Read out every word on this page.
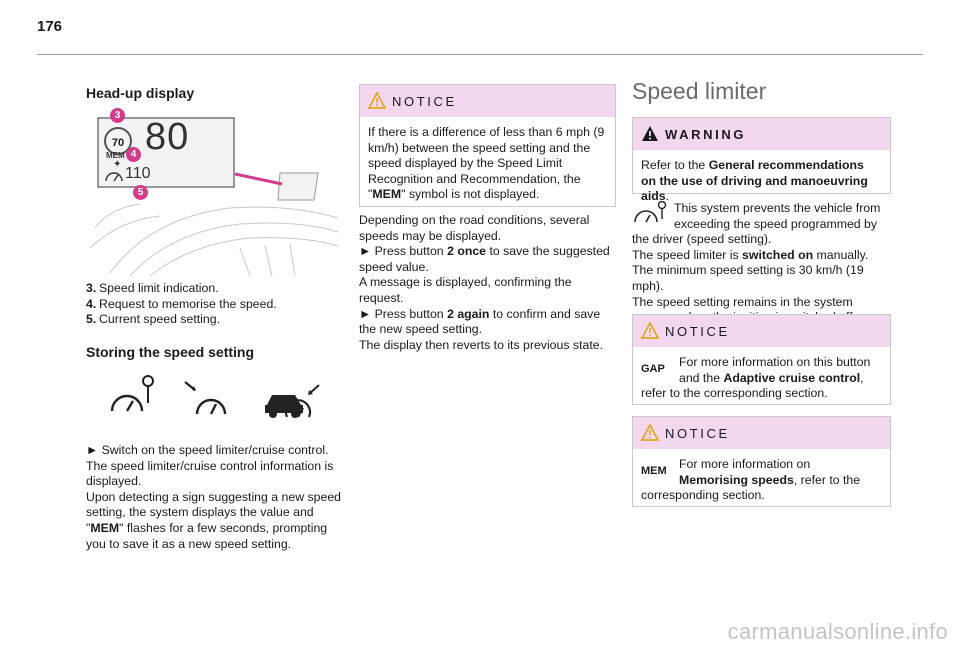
176
Head-up display
70 80
MEM
✦
110
3
4
5
3. Speed limit indication.
4. Request to memorise the speed.
5. Current speed setting.
Storing the speed setting

► Switch on the speed limiter/cruise control.

The speed limiter/cruise control information is displayed.

Upon detecting a sign suggesting a new speed setting, the system displays the value and
"MEM" flashes for a few seconds, prompting you to save it as a new speed setting.

NOTICE
If there is a difference of less than 6 mph (9 km/h) between the speed setting and the speed displayed by the Speed Limit Recognition and Recommendation, the "MEM" symbol is not displayed.

Depending on the road conditions, several speeds may be displayed.

► Press button 2 once to save the suggested speed value.

A message is displayed, confirming the request.

► Press button 2 again to confirm and save the new speed setting.

The display then reverts to its previous state.

Speed limiter
WARNING
Refer to the General recommendations on the use of driving and manoeuvring aids.

This system prevents the vehicle from exceeding the speed programmed by the driver (speed setting).

The speed limiter is switched on manually.

The minimum speed setting is 30 km/h (19 mph).

The speed setting remains in the system

NOTICE
GAP	For more information on this button and the Adaptive cruise control, refer to the corresponding section.
NOTICE
MEM	For more information on Memorising speeds, refer to the corresponding section.
carmanualsonline.info
